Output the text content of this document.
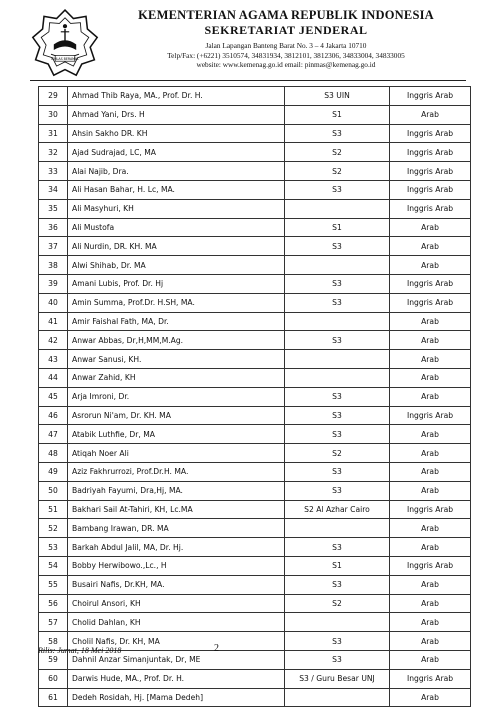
IKHLAS BERAMAL
KEMENTERIAN AGAMA REPUBLIK INDONESIA
SEKRETARIAT JENDERAL
Jalan Lapangan Banteng Barat No. 3 – 4 Jakarta 10710
Telp/Fax: (+6221) 3510574, 34831934, 3812101, 3812306, 34833004, 34833005
website: www.kemenag.go.id email: pinmas@kemenag.go.id
29	Ahmad Thib Raya, MA., Prof. Dr. H.	S3 UIN	Inggris Arab
30	Ahmad Yani, Drs. H	S1	Arab
31	Ahsin Sakho DR. KH	S3	Inggris Arab
32	Ajad Sudrajad, LC, MA	S2	Inggris Arab
33	Alai Najib, Dra.	S2	Inggris Arab
34	Ali Hasan Bahar, H. Lc, MA.	S3	Inggris Arab
35	Ali Masyhuri, KH		Inggris Arab
36	Ali Mustofa	S1	Arab
37	Ali Nurdin, DR. KH. MA	S3	Arab
38	Alwi Shihab, Dr. MA		Arab
39	Amani Lubis, Prof. Dr. Hj	S3	Inggris Arab
40	Amin Summa, Prof.Dr. H.SH, MA.	S3	Inggris Arab
41	Amir Faishal Fath, MA, Dr.		Arab
42	Anwar Abbas, Dr,H,MM,M.Ag.	S3	Arab
43	Anwar Sanusi, KH.		Arab
44	Anwar Zahid, KH		Arab
45	Arja Imroni, Dr.	S3	Arab
46	Asrorun Ni'am, Dr. KH. MA	S3	Inggris Arab
47	Atabik Luthfie, Dr, MA	S3	Arab
48	Atiqah Noer Ali	S2	Arab
49	Aziz Fakhrurrozi, Prof.Dr.H. MA.	S3	Arab
50	Badriyah Fayumi, Dra,Hj, MA.	S3	Arab
51	Bakhari Sail At-Tahiri, KH, Lc.MA	S2 Al Azhar Cairo	Inggris Arab
52	Bambang Irawan, DR. MA		Arab
53	Barkah Abdul Jalil, MA, Dr. Hj.	S3	Arab
54	Bobby Herwibowo.,Lc., H	S1	Inggris Arab
55	Busairi Nafis, Dr.KH, MA.	S3	Arab
56	Choirul Ansori, KH	S2	Arab
57	Cholid Dahlan, KH		Arab
58	Cholil Nafis, Dr. KH, MA	S3	Arab
59	Dahnil Anzar Simanjuntak, Dr, ME	S3	Arab
60	Darwis Hude, MA., Prof. Dr. H.	S3 / Guru Besar UNJ	Inggris Arab
61	Dedeh Rosidah, Hj. [Mama Dedeh]		Arab
Rilis: Jumat, 18 Mei 2018	2
